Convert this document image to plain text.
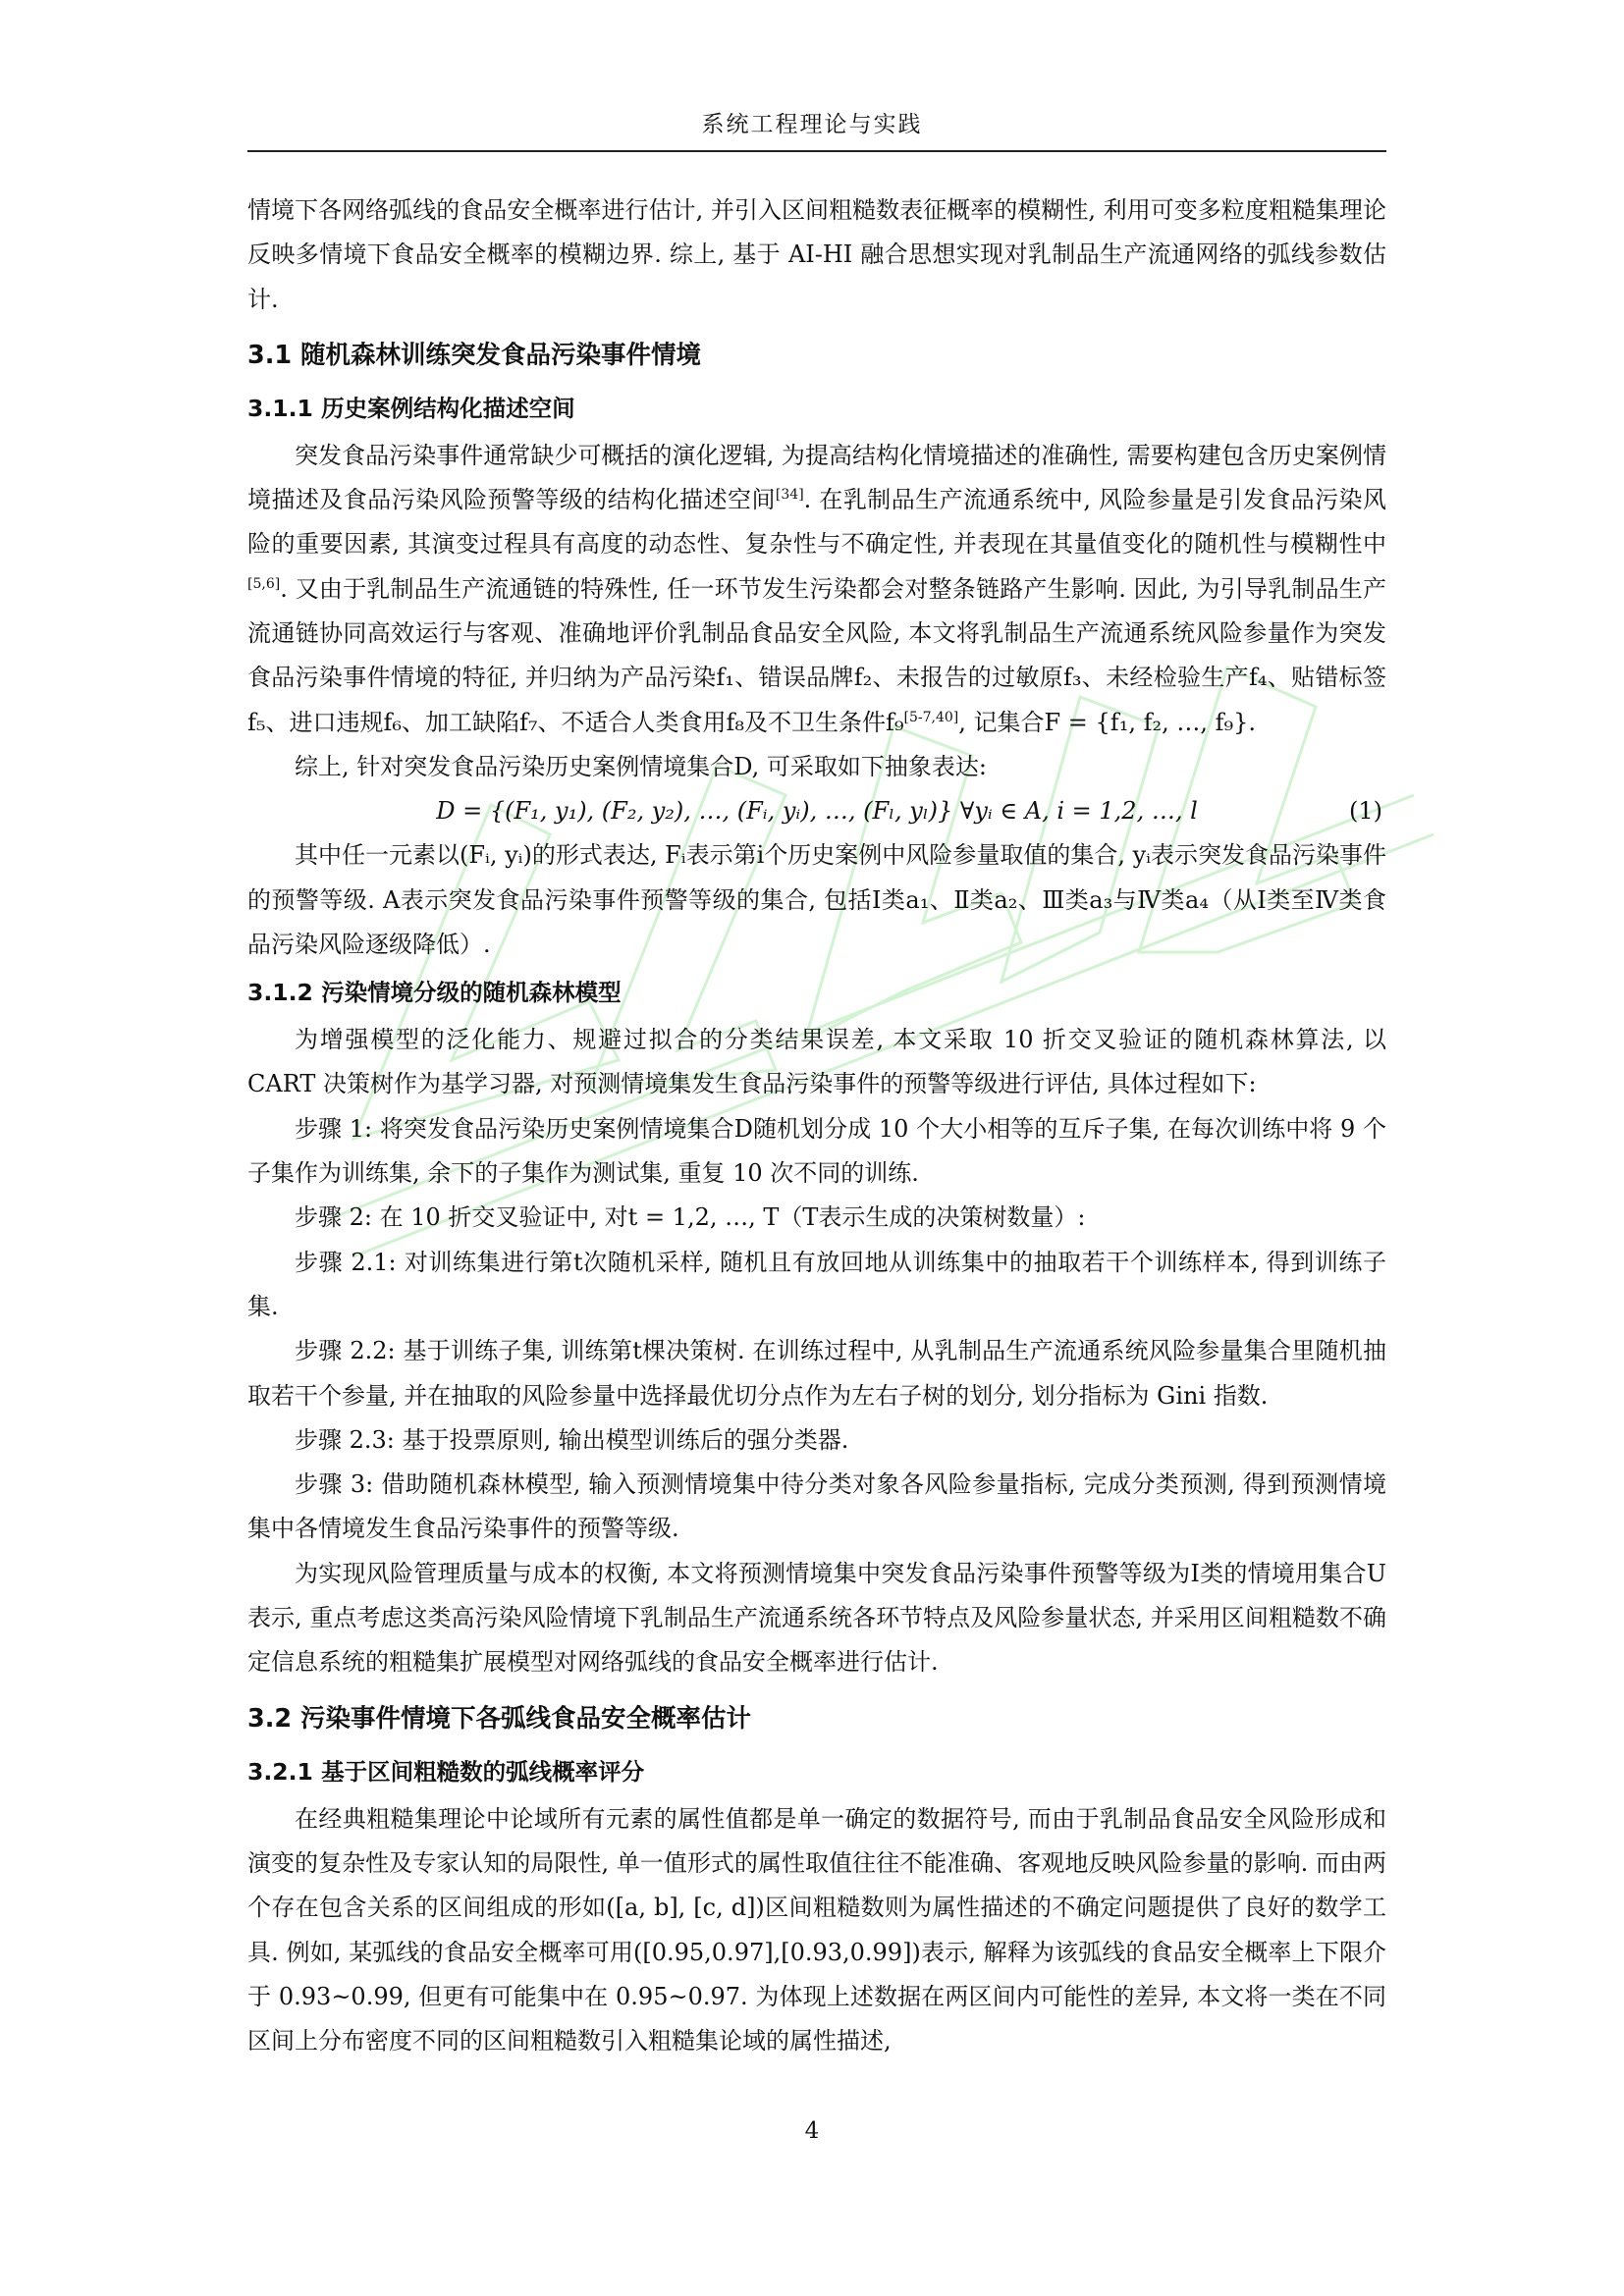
系统工程理论与实践

情境下各网络弧线的食品安全概率进行估计, 并引入区间粗糙数表征概率的模糊性, 利用可变多粒度粗糙集理论反映多情境下食品安全概率的模糊边界. 综上, 基于 AI-HI 融合思想实现对乳制品生产流通网络的弧线参数估计.

3.1 随机森林训练突发食品污染事件情境
3.1.1 历史案例结构化描述空间

突发食品污染事件通常缺少可概括的演化逻辑, 为提高结构化情境描述的准确性, 需要构建包含历史案例情境描述及食品污染风险预警等级的结构化描述空间[34]. 在乳制品生产流通系统中, 风险参量是引发食品污染风险的重要因素, 其演变过程具有高度的动态性、复杂性与不确定性, 并表现在其量值变化的随机性与模糊性中[5,6]. 又由于乳制品生产流通链的特殊性, 任一环节发生污染都会对整条链路产生影响. 因此, 为引导乳制品生产流通链协同高效运行与客观、准确地评价乳制品食品安全风险, 本文将乳制品生产流通系统风险参量作为突发食品污染事件情境的特征, 并归纳为产品污染f₁、错误品牌f₂、未报告的过敏原f₃、未经检验生产f₄、贴错标签f₅、进口违规f₆、加工缺陷f₇、不适合人类食用f₈及不卫生条件f₉[5-7,40], 记集合F = {f₁, f₂, …, f₉}.

综上, 针对突发食品污染历史案例情境集合D, 可采取如下抽象表达:

D = {(F₁, y₁), (F₂, y₂), …, (Fᵢ, yᵢ), …, (Fₗ, yₗ)} ∀yᵢ ∈ A, i = 1,2, …, l	(1)

其中任一元素以(Fᵢ, yᵢ)的形式表达, Fᵢ表示第i个历史案例中风险参量取值的集合, yᵢ表示突发食品污染事件的预警等级. A表示突发食品污染事件预警等级的集合, 包括Ⅰ类a₁、Ⅱ类a₂、Ⅲ类a₃与Ⅳ类a₄（从Ⅰ类至Ⅳ类食品污染风险逐级降低）.

3.1.2 污染情境分级的随机森林模型

为增强模型的泛化能力、规避过拟合的分类结果误差, 本文采取 10 折交叉验证的随机森林算法, 以 CART 决策树作为基学习器, 对预测情境集发生食品污染事件的预警等级进行评估, 具体过程如下:

步骤 1: 将突发食品污染历史案例情境集合D随机划分成 10 个大小相等的互斥子集, 在每次训练中将 9 个子集作为训练集, 余下的子集作为测试集, 重复 10 次不同的训练.

步骤 2: 在 10 折交叉验证中, 对t = 1,2, …, T（T表示生成的决策树数量）:

步骤 2.1: 对训练集进行第t次随机采样, 随机且有放回地从训练集中的抽取若干个训练样本, 得到训练子集.

步骤 2.2: 基于训练子集, 训练第t棵决策树. 在训练过程中, 从乳制品生产流通系统风险参量集合里随机抽取若干个参量, 并在抽取的风险参量中选择最优切分点作为左右子树的划分, 划分指标为 Gini 指数.

步骤 2.3: 基于投票原则, 输出模型训练后的强分类器.

步骤 3: 借助随机森林模型, 输入预测情境集中待分类对象各风险参量指标, 完成分类预测, 得到预测情境集中各情境发生食品污染事件的预警等级.

为实现风险管理质量与成本的权衡, 本文将预测情境集中突发食品污染事件预警等级为Ⅰ类的情境用集合U表示, 重点考虑这类高污染风险情境下乳制品生产流通系统各环节特点及风险参量状态, 并采用区间粗糙数不确定信息系统的粗糙集扩展模型对网络弧线的食品安全概率进行估计.

3.2 污染事件情境下各弧线食品安全概率估计
3.2.1 基于区间粗糙数的弧线概率评分

在经典粗糙集理论中论域所有元素的属性值都是单一确定的数据符号, 而由于乳制品食品安全风险形成和演变的复杂性及专家认知的局限性, 单一值形式的属性取值往往不能准确、客观地反映风险参量的影响. 而由两个存在包含关系的区间组成的形如([a, b], [c, d])区间粗糙数则为属性描述的不确定问题提供了良好的数学工具. 例如, 某弧线的食品安全概率可用([0.95,0.97],[0.93,0.99])表示, 解释为该弧线的食品安全概率上下限介于 0.93~0.99, 但更有可能集中在 0.95~0.97. 为体现上述数据在两区间内可能性的差异, 本文将一类在不同区间上分布密度不同的区间粗糙数引入粗糙集论域的属性描述,

4
